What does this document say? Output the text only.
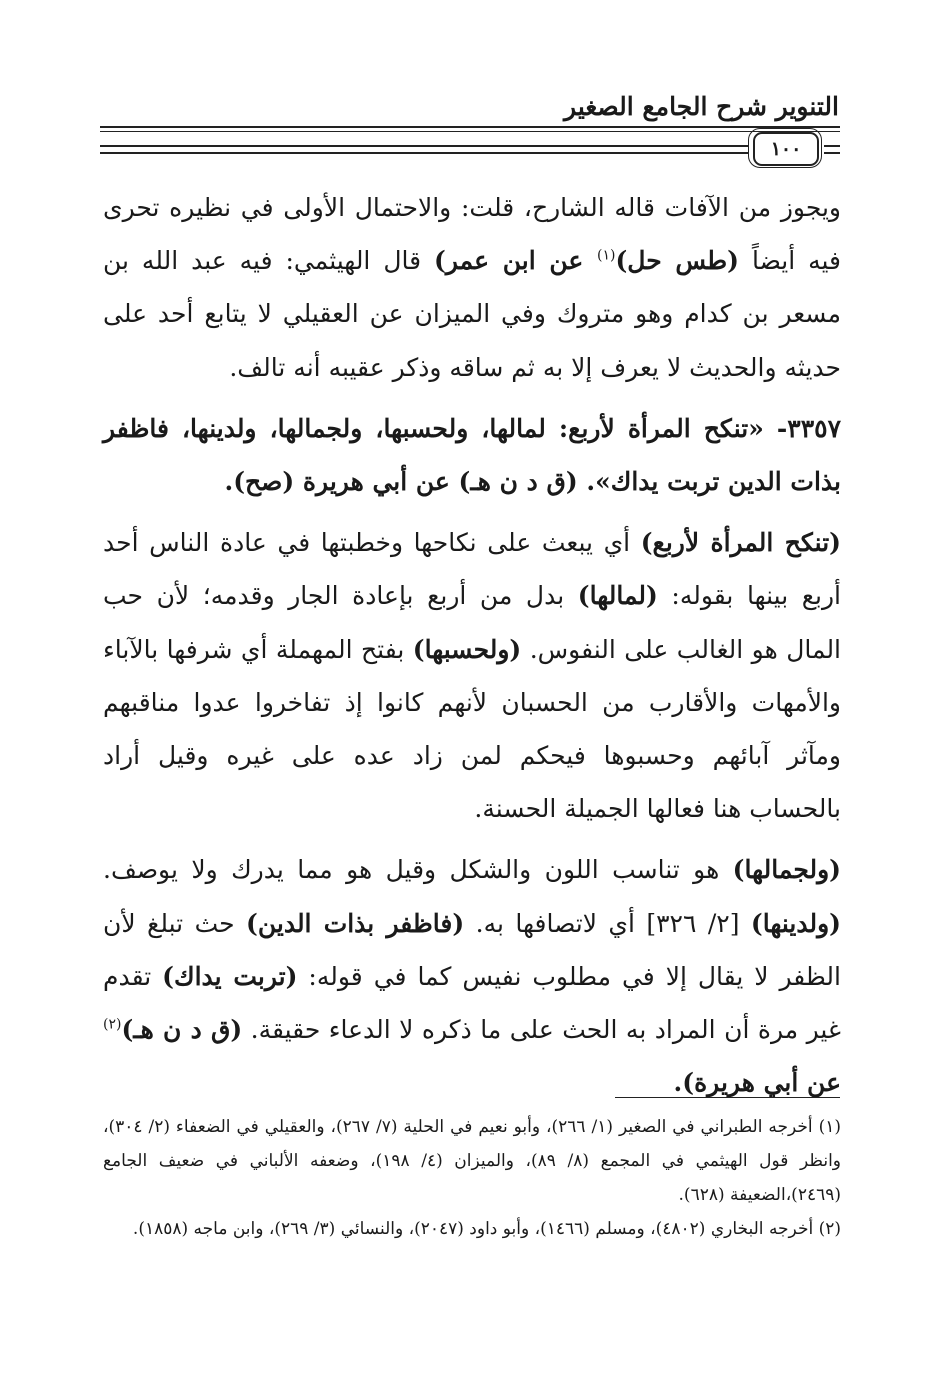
التنوير شرح الجامع الصغير
١٠٠

ويجوز من الآفات قاله الشارح، قلت: والاحتمال الأولى في نظيره تحرى فيه أيضاً (طس حل)$^{(١)}$ عن ابن عمر) قال الهيثمي: فيه عبد الله بن مسعر بن كدام وهو متروك وفي الميزان عن العقيلي لا يتابع أحد على حديثه والحديث لا يعرف إلا به ثم ساقه وذكر عقيبه أنه تالف.

٣٣٥٧- «تنكح المرأة لأربع: لمالها، ولحسبها، ولجمالها، ولدينها، فاظفر بذات الدين تربت يداك». (ق د ن هـ) عن أبي هريرة (صح).

(تنكح المرأة لأربع) أي يبعث على نكاحها وخطبتها في عادة الناس أحد أربع بينها بقوله: (لمالها) بدل من أربع بإعادة الجار وقدمه؛ لأن حب المال هو الغالب على النفوس. (ولحسبها) بفتح المهملة أي شرفها بالآباء والأمهات والأقارب من الحسبان لأنهم كانوا إذ تفاخروا عدوا مناقبهم ومآثر آبائهم وحسبوها فيحكم لمن زاد عده على غيره وقيل أراد بالحساب هنا فعالها الجميلة الحسنة.

(ولجمالها) هو تناسب اللون والشكل وقيل هو مما يدرك ولا يوصف. (ولدينها) [٢/ ٣٢٦] أي لاتصافها به. (فاظفر بذات الدين) حث تبلغ لأن الظفر لا يقال إلا في مطلوب نفيس كما في قوله: (تربت يداك) تقدم غير مرة أن المراد به الحث على ما ذكره لا الدعاء حقيقة. (ق د ن هـ)$^{(٢)}$ عن أبي هريرة).

(١) أخرجه الطبراني في الصغير (١/ ٢٦٦)، وأبو نعيم في الحلية (٧/ ٢٦٧)، والعقيلي في الضعفاء (٢/ ٣٠٤)، وانظر قول الهيثمي في المجمع (٨/ ٨٩)، والميزان (٤/ ١٩٨)، وضعفه الألباني في ضعيف الجامع (٢٤٦٩)،الضعيفة (٦٢٨).

(٢) أخرجه البخاري (٤٨٠٢)، ومسلم (١٤٦٦)، وأبو داود (٢٠٤٧)، والنسائي (٣/ ٢٦٩)، وابن ماجه (١٨٥٨).
